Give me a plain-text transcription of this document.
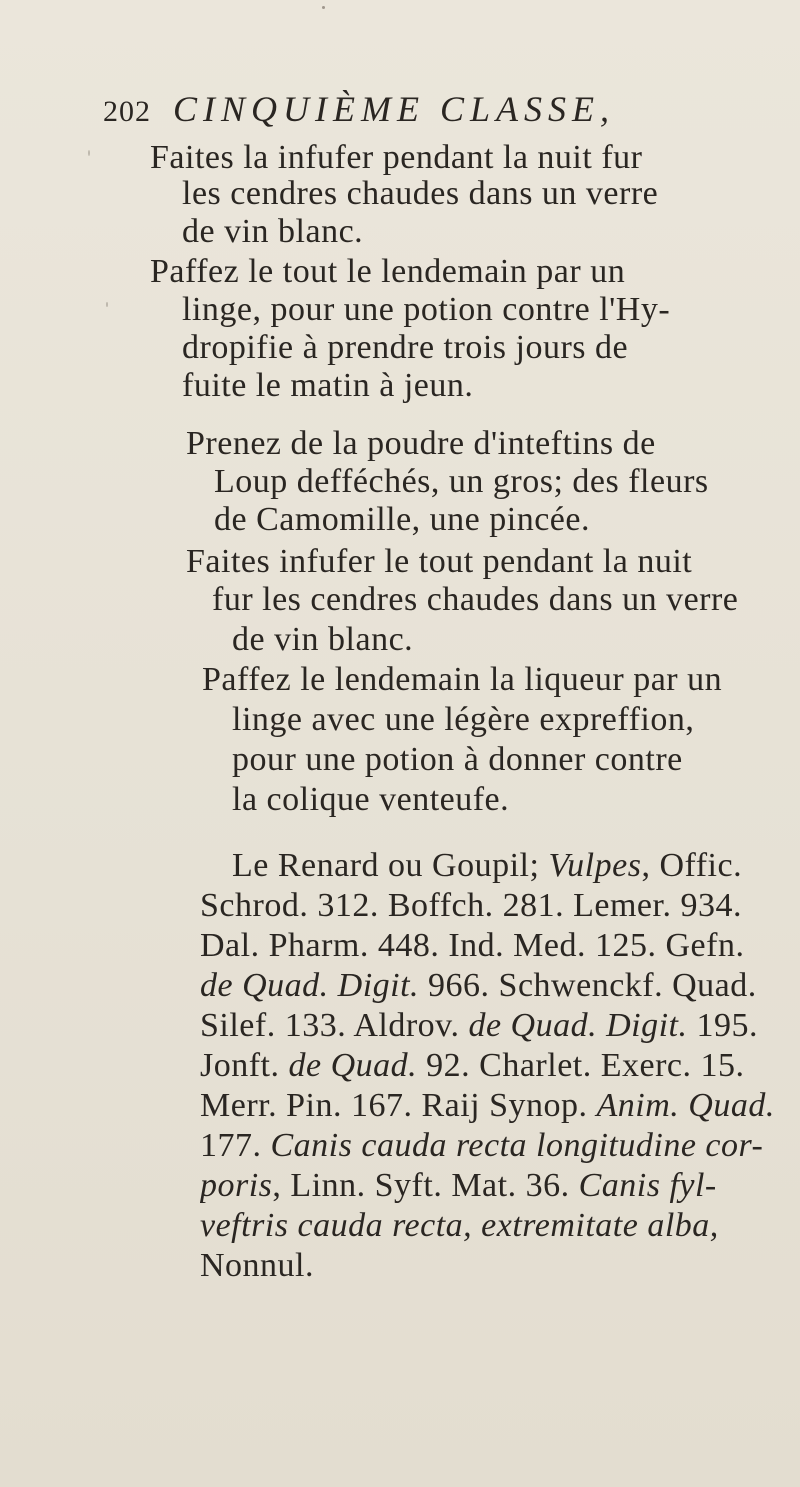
202 CINQUIÈME CLASSE,
Faites la infufer pendant la nuit fur
les cendres chaudes dans un verre
de vin blanc.
Paffez le tout le lendemain par un
linge, pour une potion contre l'Hy-
dropifie à prendre trois jours de
fuite le matin à jeun.
Prenez de la poudre d'inteftins de
Loup defféchés, un gros; des fleurs
de Camomille, une pincée.
Faites infufer le tout pendant la nuit
fur les cendres chaudes dans un verre
de vin blanc.
Paffez le lendemain la liqueur par un
linge avec une légère expreffion,
pour une potion à donner contre
la colique venteufe.
Le Renard ou Goupil; Vulpes, Offic.
Schrod. 312. Boffch. 281. Lemer. 934.
Dal. Pharm. 448. Ind. Med. 125. Gefn.
de Quad. Digit. 966. Schwenckf. Quad.
Silef. 133. Aldrov. de Quad. Digit. 195.
Jonft. de Quad. 92. Charlet. Exerc. 15.
Merr. Pin. 167. Raij Synop. Anim. Quad.
177. Canis cauda recta longitudine cor-
poris, Linn. Syft. Mat. 36. Canis fyl-
veftris cauda recta, extremitate alba,
Nonnul.
